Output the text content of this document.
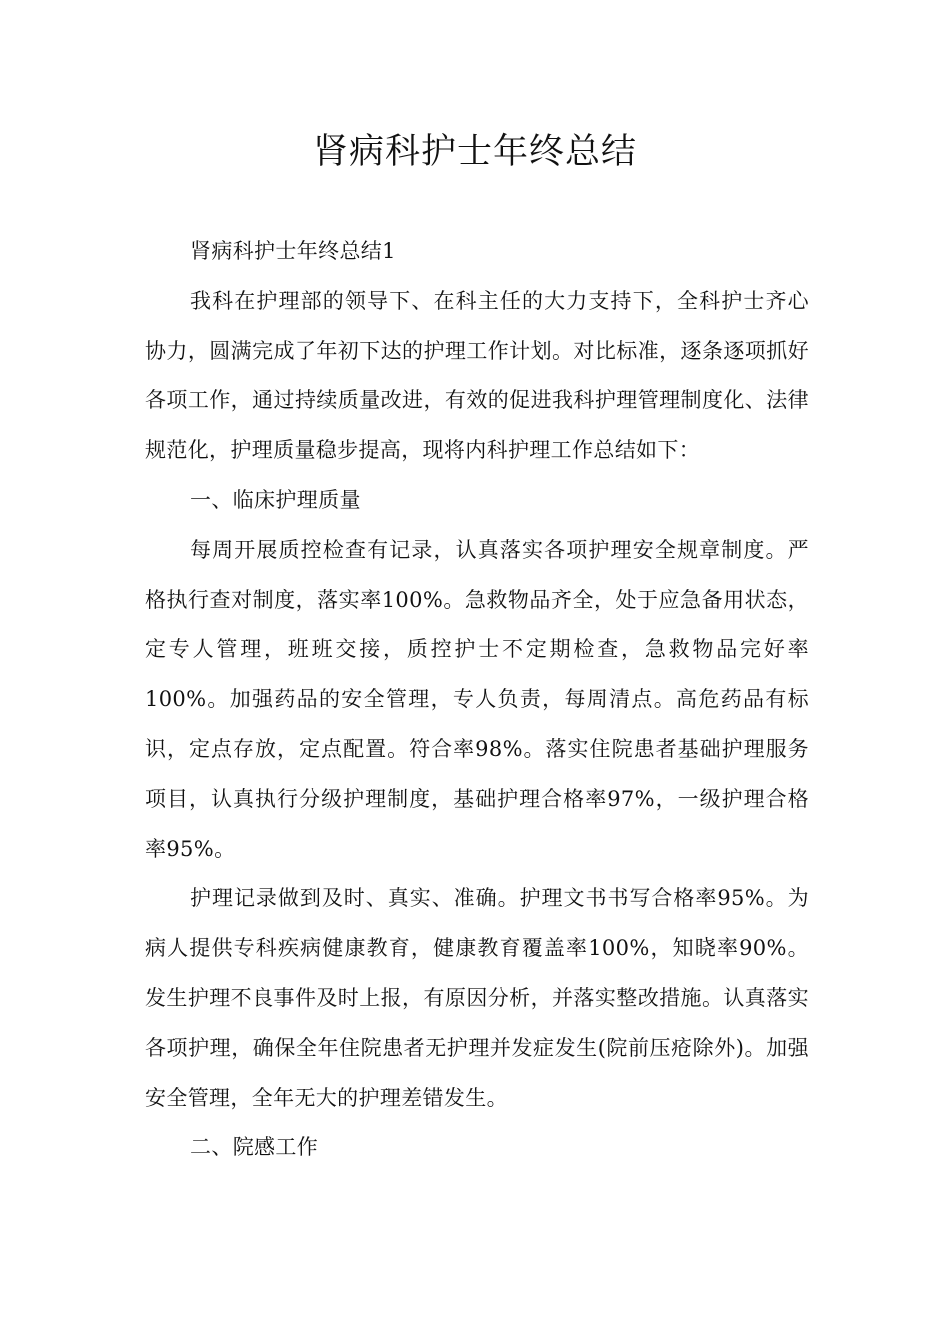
肾病科护士年终总结

肾病科护士年终总结1

我科在护理部的领导下、在科主任的大力支持下，全科护士齐心协力，圆满完成了年初下达的护理工作计划。对比标准，逐条逐项抓好各项工作，通过持续质量改进，有效的促进我科护理管理制度化、法律规范化，护理质量稳步提高，现将内科护理工作总结如下：

一、临床护理质量

每周开展质控检查有记录，认真落实各项护理安全规章制度。严格执行查对制度，落实率100%。急救物品齐全，处于应急备用状态，定专人管理，班班交接，质控护士不定期检查，急救物品完好率100%。加强药品的安全管理，专人负责，每周清点。高危药品有标识，定点存放，定点配置。符合率98%。落实住院患者基础护理服务项目，认真执行分级护理制度，基础护理合格率97%，一级护理合格率95%。

护理记录做到及时、真实、准确。护理文书书写合格率95%。为病人提供专科疾病健康教育，健康教育覆盖率100%，知晓率90%。发生护理不良事件及时上报，有原因分析，并落实整改措施。认真落实各项护理，确保全年住院患者无护理并发症发生(院前压疮除外)。加强安全管理，全年无大的护理差错发生。

二、院感工作
